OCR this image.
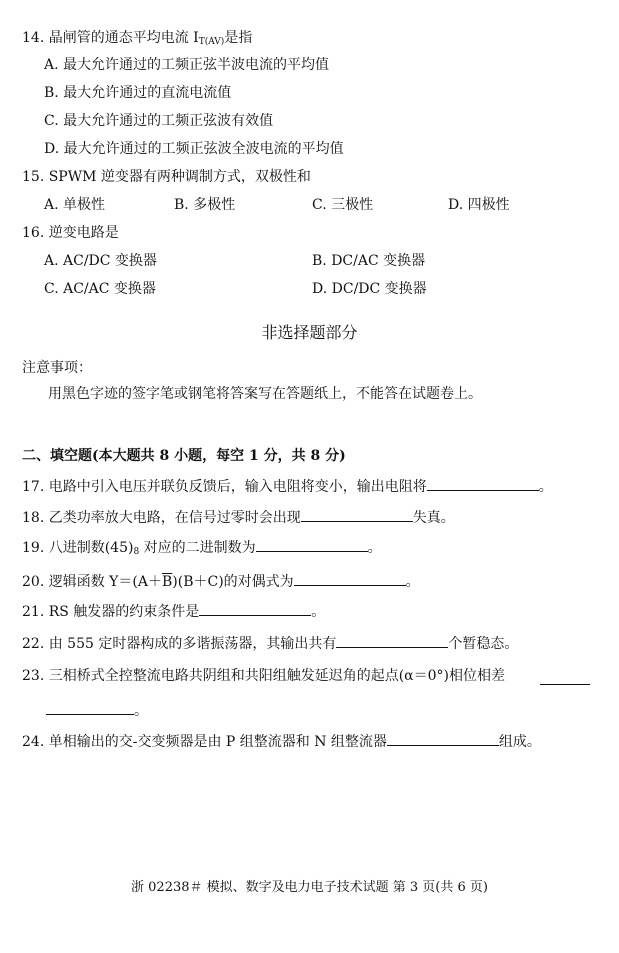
14. 晶闸管的通态平均电流 $I_{T(AV)}$是指
A. 最大允许通过的工频正弦半波电流的平均值
B. 最大允许通过的直流电流值
C. 最大允许通过的工频正弦波有效值
D. 最大允许通过的工频正弦波全波电流的平均值
15. SPWM 逆变器有两种调制方式，双极性和
A. 单极性	B. 多极性	C. 三极性	D. 四极性
16. 逆变电路是
A. AC/DC 变换器	B. DC/AC 变换器
C. AC/AC 变换器	D. DC/DC 变换器
非选择题部分
注意事项：
用黑色字迹的签字笔或钢笔将答案写在答题纸上，不能答在试题卷上。
二、填空题(本大题共 8 小题，每空 1 分，共 8 分)
17. 电路中引入电压并联负反馈后，输入电阻将变小，输出电阻将	。
18. 乙类功率放大电路，在信号过零时会出现	失真。
19. 八进制数$(45)_8$ 对应的二进制数为	。
20. 逻辑函数 $Y=(A+\overline{B})(B+C)$的对偶式为	。
21. RS 触发器的约束条件是	。
22. 由 555 定时器构成的多谐振荡器，其输出共有	个暂稳态。
23. 三相桥式全控整流电路共阴组和共阳组触发延迟角的起点(α＝0°)相位相差
。
24. 单相输出的交-交变频器是由 P 组整流器和 N 组整流器	组成。
浙 02238＃ 模拟、数字及电力电子技术试题 第 3 页(共 6 页)
